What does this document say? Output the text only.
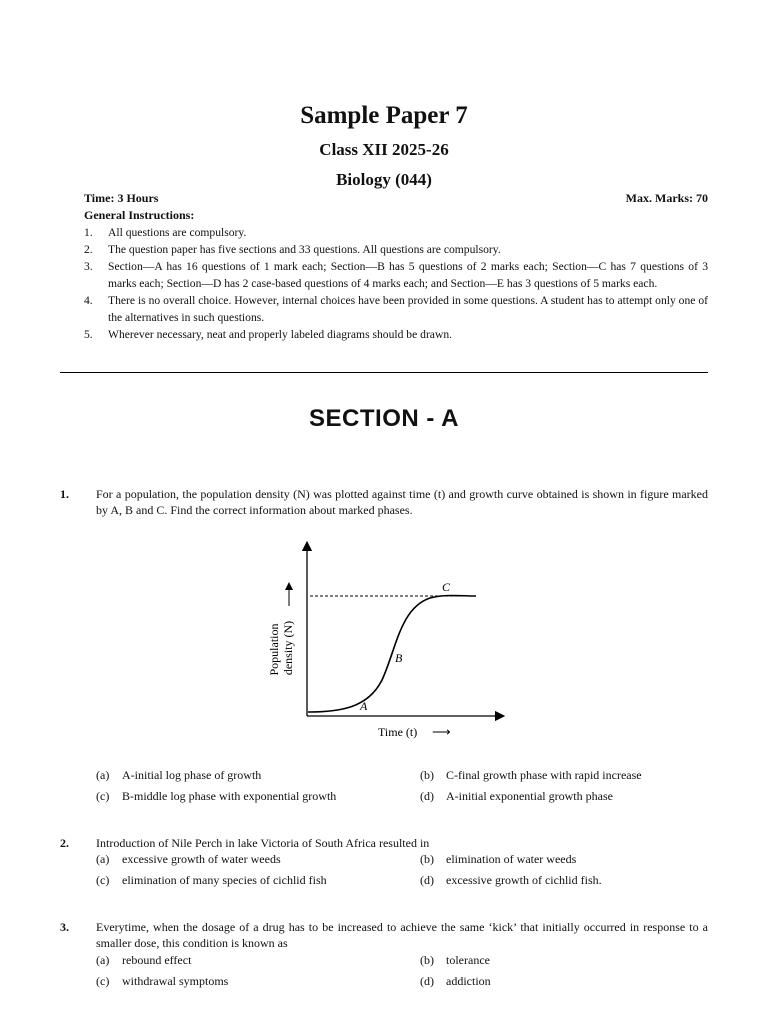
Sample Paper 7
Class XII 2025-26
Biology (044)
Time: 3 Hours	Max. Marks: 70
General Instructions:
1.	All questions are compulsory.
2.	The question paper has five sections and 33 questions. All questions are compulsory.
3.	Section—A has 16 questions of 1 mark each; Section—B has 5 questions of 2 marks each; Section—C has 7 questions of 3 marks each; Section—D has 2 case-based questions of 4 marks each; and Section—E has 3 questions of 5 marks each.
4.	There is no overall choice. However, internal choices have been provided in some questions. A student has to attempt only one of the alternatives in such questions.
5.	Wherever necessary, neat and properly labeled diagrams should be drawn.
SECTION - A
1. For a population, the population density (N) was plotted against time (t) and growth curve obtained is shown in figure marked by A, B and C. Find the correct information about marked phases.
Population density (N)
Time (t) ⟶
A
B
C
(a)	A-initial log phase of growth	(b)	C-final growth phase with rapid increase
(c)	B-middle log phase with exponential growth	(d)	A-initial exponential growth phase
2. Introduction of Nile Perch in lake Victoria of South Africa resulted in
(a)	excessive growth of water weeds	(b)	elimination of water weeds
(c)	elimination of many species of cichlid fish	(d)	excessive growth of cichlid fish.
3. Everytime, when the dosage of a drug has to be increased to achieve the same ‘kick’ that initially occurred in response to a smaller dose, this condition is known as
(a)	rebound effect	(b)	tolerance
(c)	withdrawal symptoms	(d)	addiction
